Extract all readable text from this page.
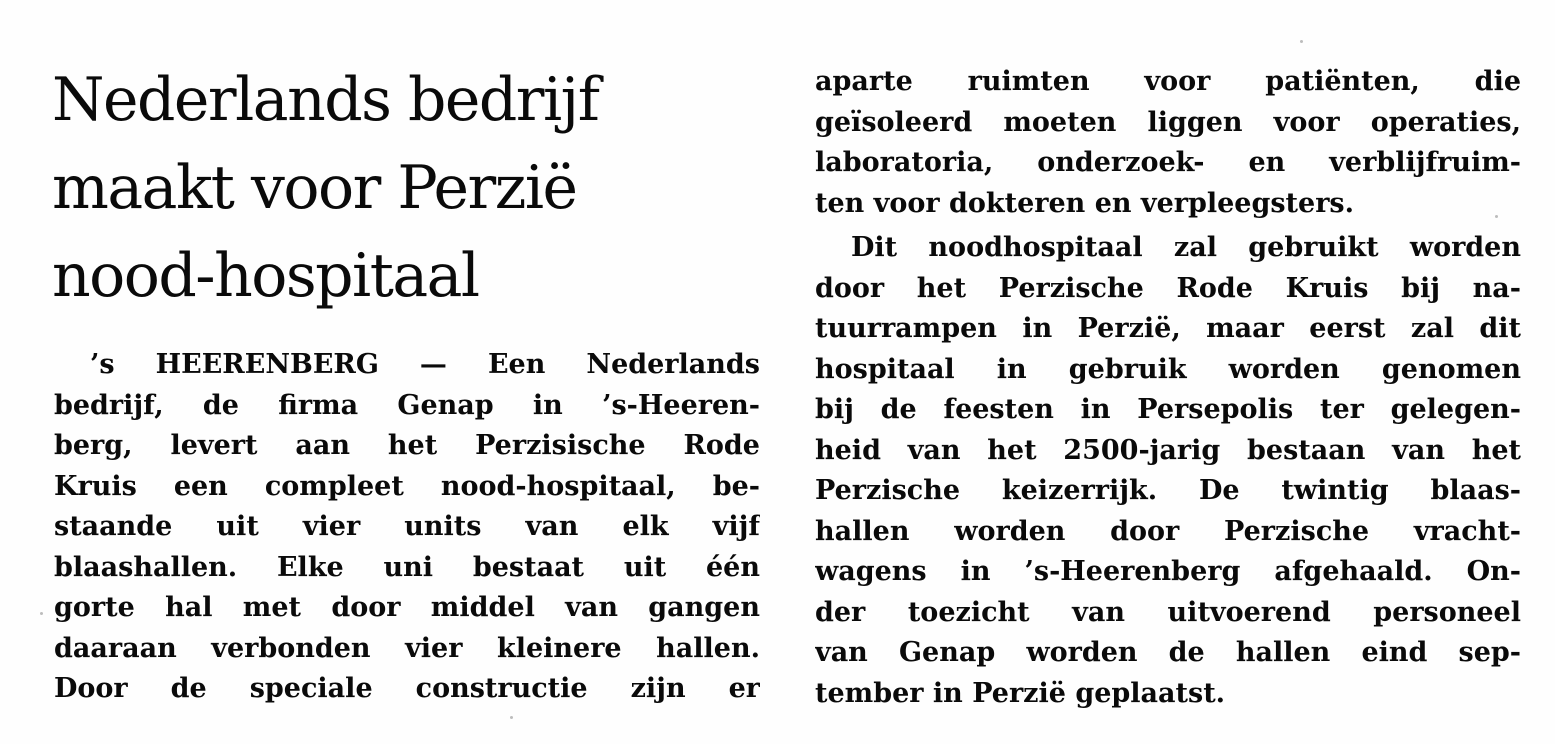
Nederlands bedrijf
maakt voor Perzië
nood-hospitaal
’s HEERENBERG — Een Nederlands
bedrijf, de firma Genap in ’s-Heeren-
berg, levert aan het Perzisische Rode
Kruis een compleet nood-hospitaal, be-
staande uit vier units van elk vijf
blaashallen. Elke uni bestaat uit één
gorte hal met door middel van gangen
daaraan verbonden vier kleinere hallen.
Door de speciale constructie zijn er
aparte ruimten voor patiënten, die
geïsoleerd moeten liggen voor operaties,
laboratoria, onderzoek- en verblijfruim-
ten voor dokteren en verpleegsters.
Dit noodhospitaal zal gebruikt worden
door het Perzische Rode Kruis bij na-
tuurrampen in Perzië, maar eerst zal dit
hospitaal in gebruik worden genomen
bij de feesten in Persepolis ter gelegen-
heid van het 2500-jarig bestaan van het
Perzische keizerrijk. De twintig blaas-
hallen worden door Perzische vracht-
wagens in ’s-Heerenberg afgehaald. On-
der toezicht van uitvoerend personeel
van Genap worden de hallen eind sep-
tember in Perzië geplaatst.
